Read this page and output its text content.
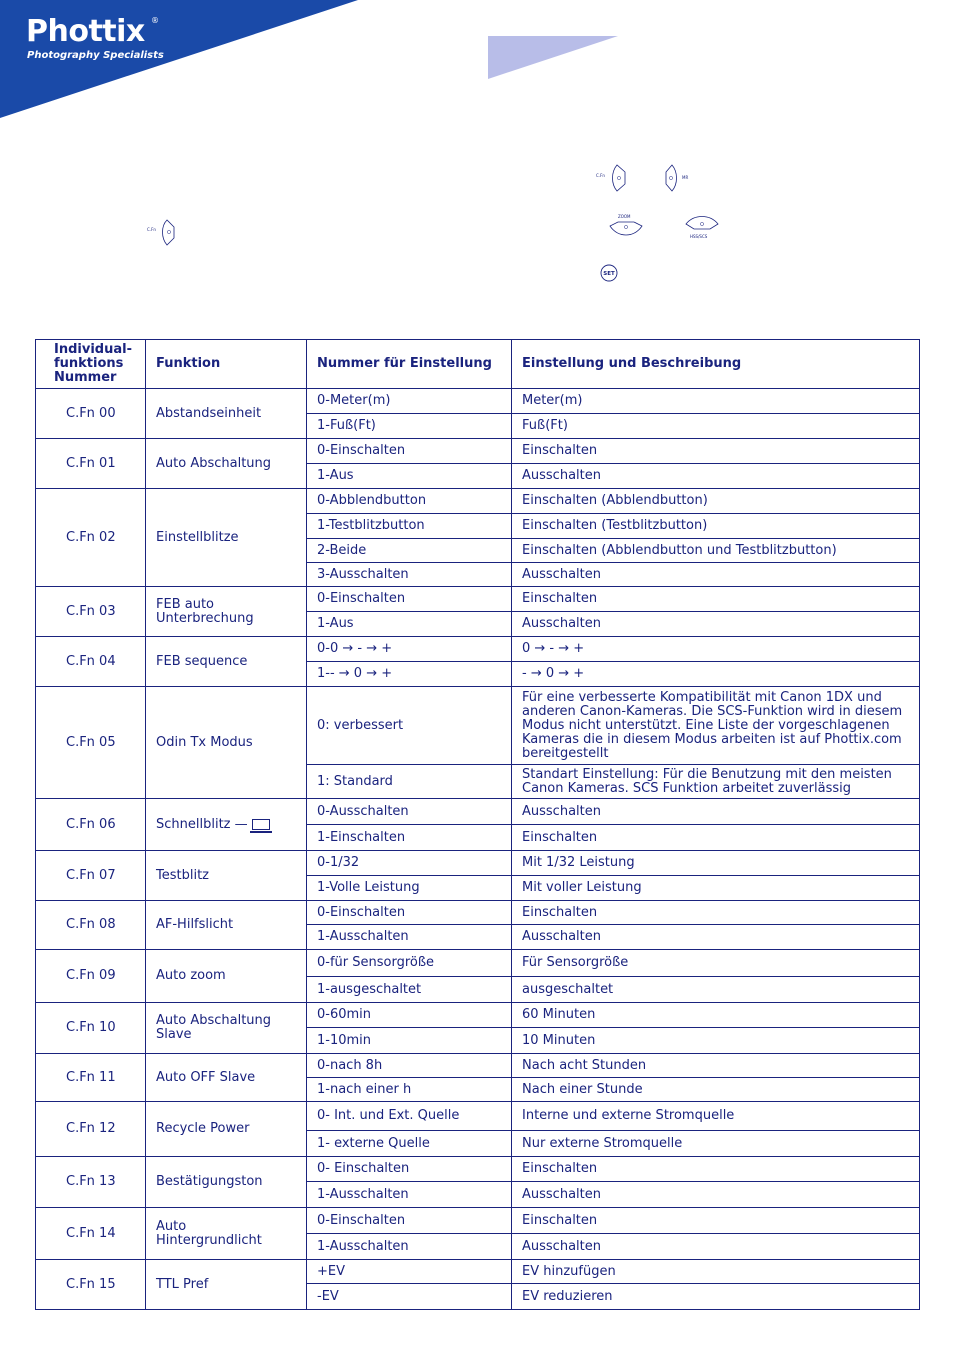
Phottix ®
Photography Specialists
C.Fn
C.Fn	MR
ZOOM
HSS/SCS
SET
Individual-funktions Nummer	Funktion	Nummer für Einstellung	Einstellung und Beschreibung
C.Fn 00	Abstandseinheit	0-Meter(m)	Meter(m)
		1-Fuß(Ft)	Fuß(Ft)
C.Fn 01	Auto Abschaltung	0-Einschalten	Einschalten
		1-Aus	Ausschalten
C.Fn 02	Einstellblitze	0-Abblendbutton	Einschalten (Abblendbutton)
		1-Testblitzbutton	Einschalten (Testblitzbutton)
		2-Beide	Einschalten (Abblendbutton und Testblitzbutton)
		3-Ausschalten	Ausschalten
C.Fn 03	FEB auto Unterbrechung	0-Einschalten	Einschalten
		1-Aus	Ausschalten
C.Fn 04	FEB sequence	0-0 → - → +	0 → - → +
		1-- → 0 → +	- → 0 → +
C.Fn 05	Odin Tx Modus	0: verbessert	Für eine verbesserte Kompatibilität mit Canon 1DX und anderen Canon-Kameras. Die SCS-Funktion wird in diesem Modus nicht unterstützt. Eine Liste der vorgeschlagenen Kameras die in diesem Modus arbeiten ist auf Phottix.com bereitgestellt
		1: Standard	Standart Einstellung: Für die Benutzung mit den meisten Canon Kameras. SCS Funktion arbeitet zuverlässig
C.Fn 06	Schnellblitz —	0-Ausschalten	Ausschalten
		1-Einschalten	Einschalten
C.Fn 07	Testblitz	0-1/32	Mit 1/32 Leistung
		1-Volle Leistung	Mit voller Leistung
C.Fn 08	AF-Hilfslicht	0-Einschalten	Einschalten
		1-Ausschalten	Ausschalten
C.Fn 09	Auto zoom	0-für Sensorgröße	Für Sensorgröße
		1-ausgeschaltet	ausgeschaltet
C.Fn 10	Auto Abschaltung Slave	0-60min	60 Minuten
		1-10min	10 Minuten
C.Fn 11	Auto OFF Slave	0-nach 8h	Nach acht Stunden
		1-nach einer h	Nach einer Stunde
C.Fn 12	Recycle Power	0- Int. und Ext. Quelle	Interne und externe Stromquelle
		1- externe Quelle	Nur externe Stromquelle
C.Fn 13	Bestätigungston	0- Einschalten	Einschalten
		1-Ausschalten	Ausschalten
C.Fn 14	Auto Hintergrundlicht	0-Einschalten	Einschalten
		1-Ausschalten	Ausschalten
C.Fn 15	TTL Pref	+EV	EV hinzufügen
		-EV	EV reduzieren
